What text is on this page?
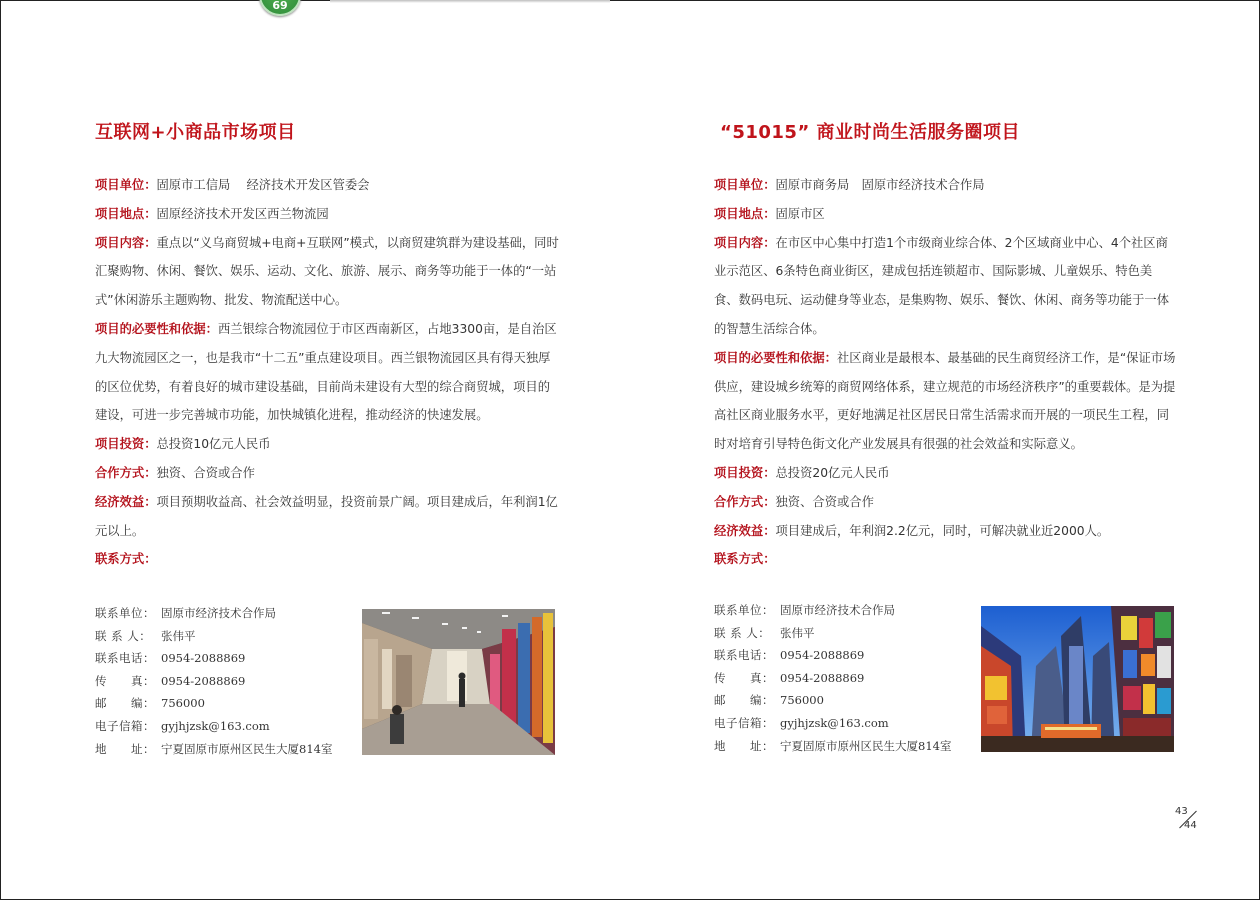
69
互联网+小商品市场项目

项目单位：固原市工信局　 经济技术开发区管委会

项目地点：固原经济技术开发区西兰物流园

项目内容：重点以“义乌商贸城+电商+互联网”模式，以商贸建筑群为建设基础，同时汇聚购物、休闲、餐饮、娱乐、运动、文化、旅游、展示、商务等功能于一体的“一站式”休闲游乐主题购物、批发、物流配送中心。

项目的必要性和依据：西兰银综合物流园位于市区西南新区，占地3300亩，是自治区九大物流园区之一，也是我市“十二五”重点建设项目。西兰银物流园区具有得天独厚的区位优势，有着良好的城市建设基础，目前尚未建设有大型的综合商贸城，项目的建设，可进一步完善城市功能，加快城镇化进程，推动经济的快速发展。

项目投资：总投资10亿元人民币

合作方式：独资、合资或合作

经济效益：项目预期收益高、社会效益明显，投资前景广阔。项目建成后，年利润1亿元以上。

联系方式：

联系单位： 固原市经济技术合作局
联 系 人： 张伟平
联系电话： 0954-2088869
传　　真： 0954-2088869
邮　　编： 756000
电子信箱： gyjhjzsk@163.com
地　　址： 宁夏固原市原州区民生大厦814室
“51015” 商业时尚生活服务圈项目

项目单位：固原市商务局　固原市经济技术合作局

项目地点：固原市区

项目内容：在市区中心集中打造1个市级商业综合体、2个区域商业中心、4个社区商业示范区、6条特色商业街区，建成包括连锁超市、国际影城、儿童娱乐、特色美食、数码电玩、运动健身等业态，是集购物、娱乐、餐饮、休闲、商务等功能于一体的智慧生活综合体。

项目的必要性和依据：社区商业是最根本、最基础的民生商贸经济工作，是“保证市场供应，建设城乡统筹的商贸网络体系，建立规范的市场经济秩序”的重要载体。是为提高社区商业服务水平，更好地满足社区居民日常生活需求而开展的一项民生工程，同时对培育引导特色街文化产业发展具有很强的社会效益和实际意义。

项目投资：总投资20亿元人民币

合作方式：独资、合资或合作

经济效益：项目建成后，年利润2.2亿元，同时，可解决就业近2000人。

联系方式：

联系单位： 固原市经济技术合作局
联 系 人： 张伟平
联系电话： 0954-2088869
传　　真： 0954-2088869
邮　　编： 756000
电子信箱： gyjhjzsk@163.com
地　　址： 宁夏固原市原州区民生大厦814室
43
44
